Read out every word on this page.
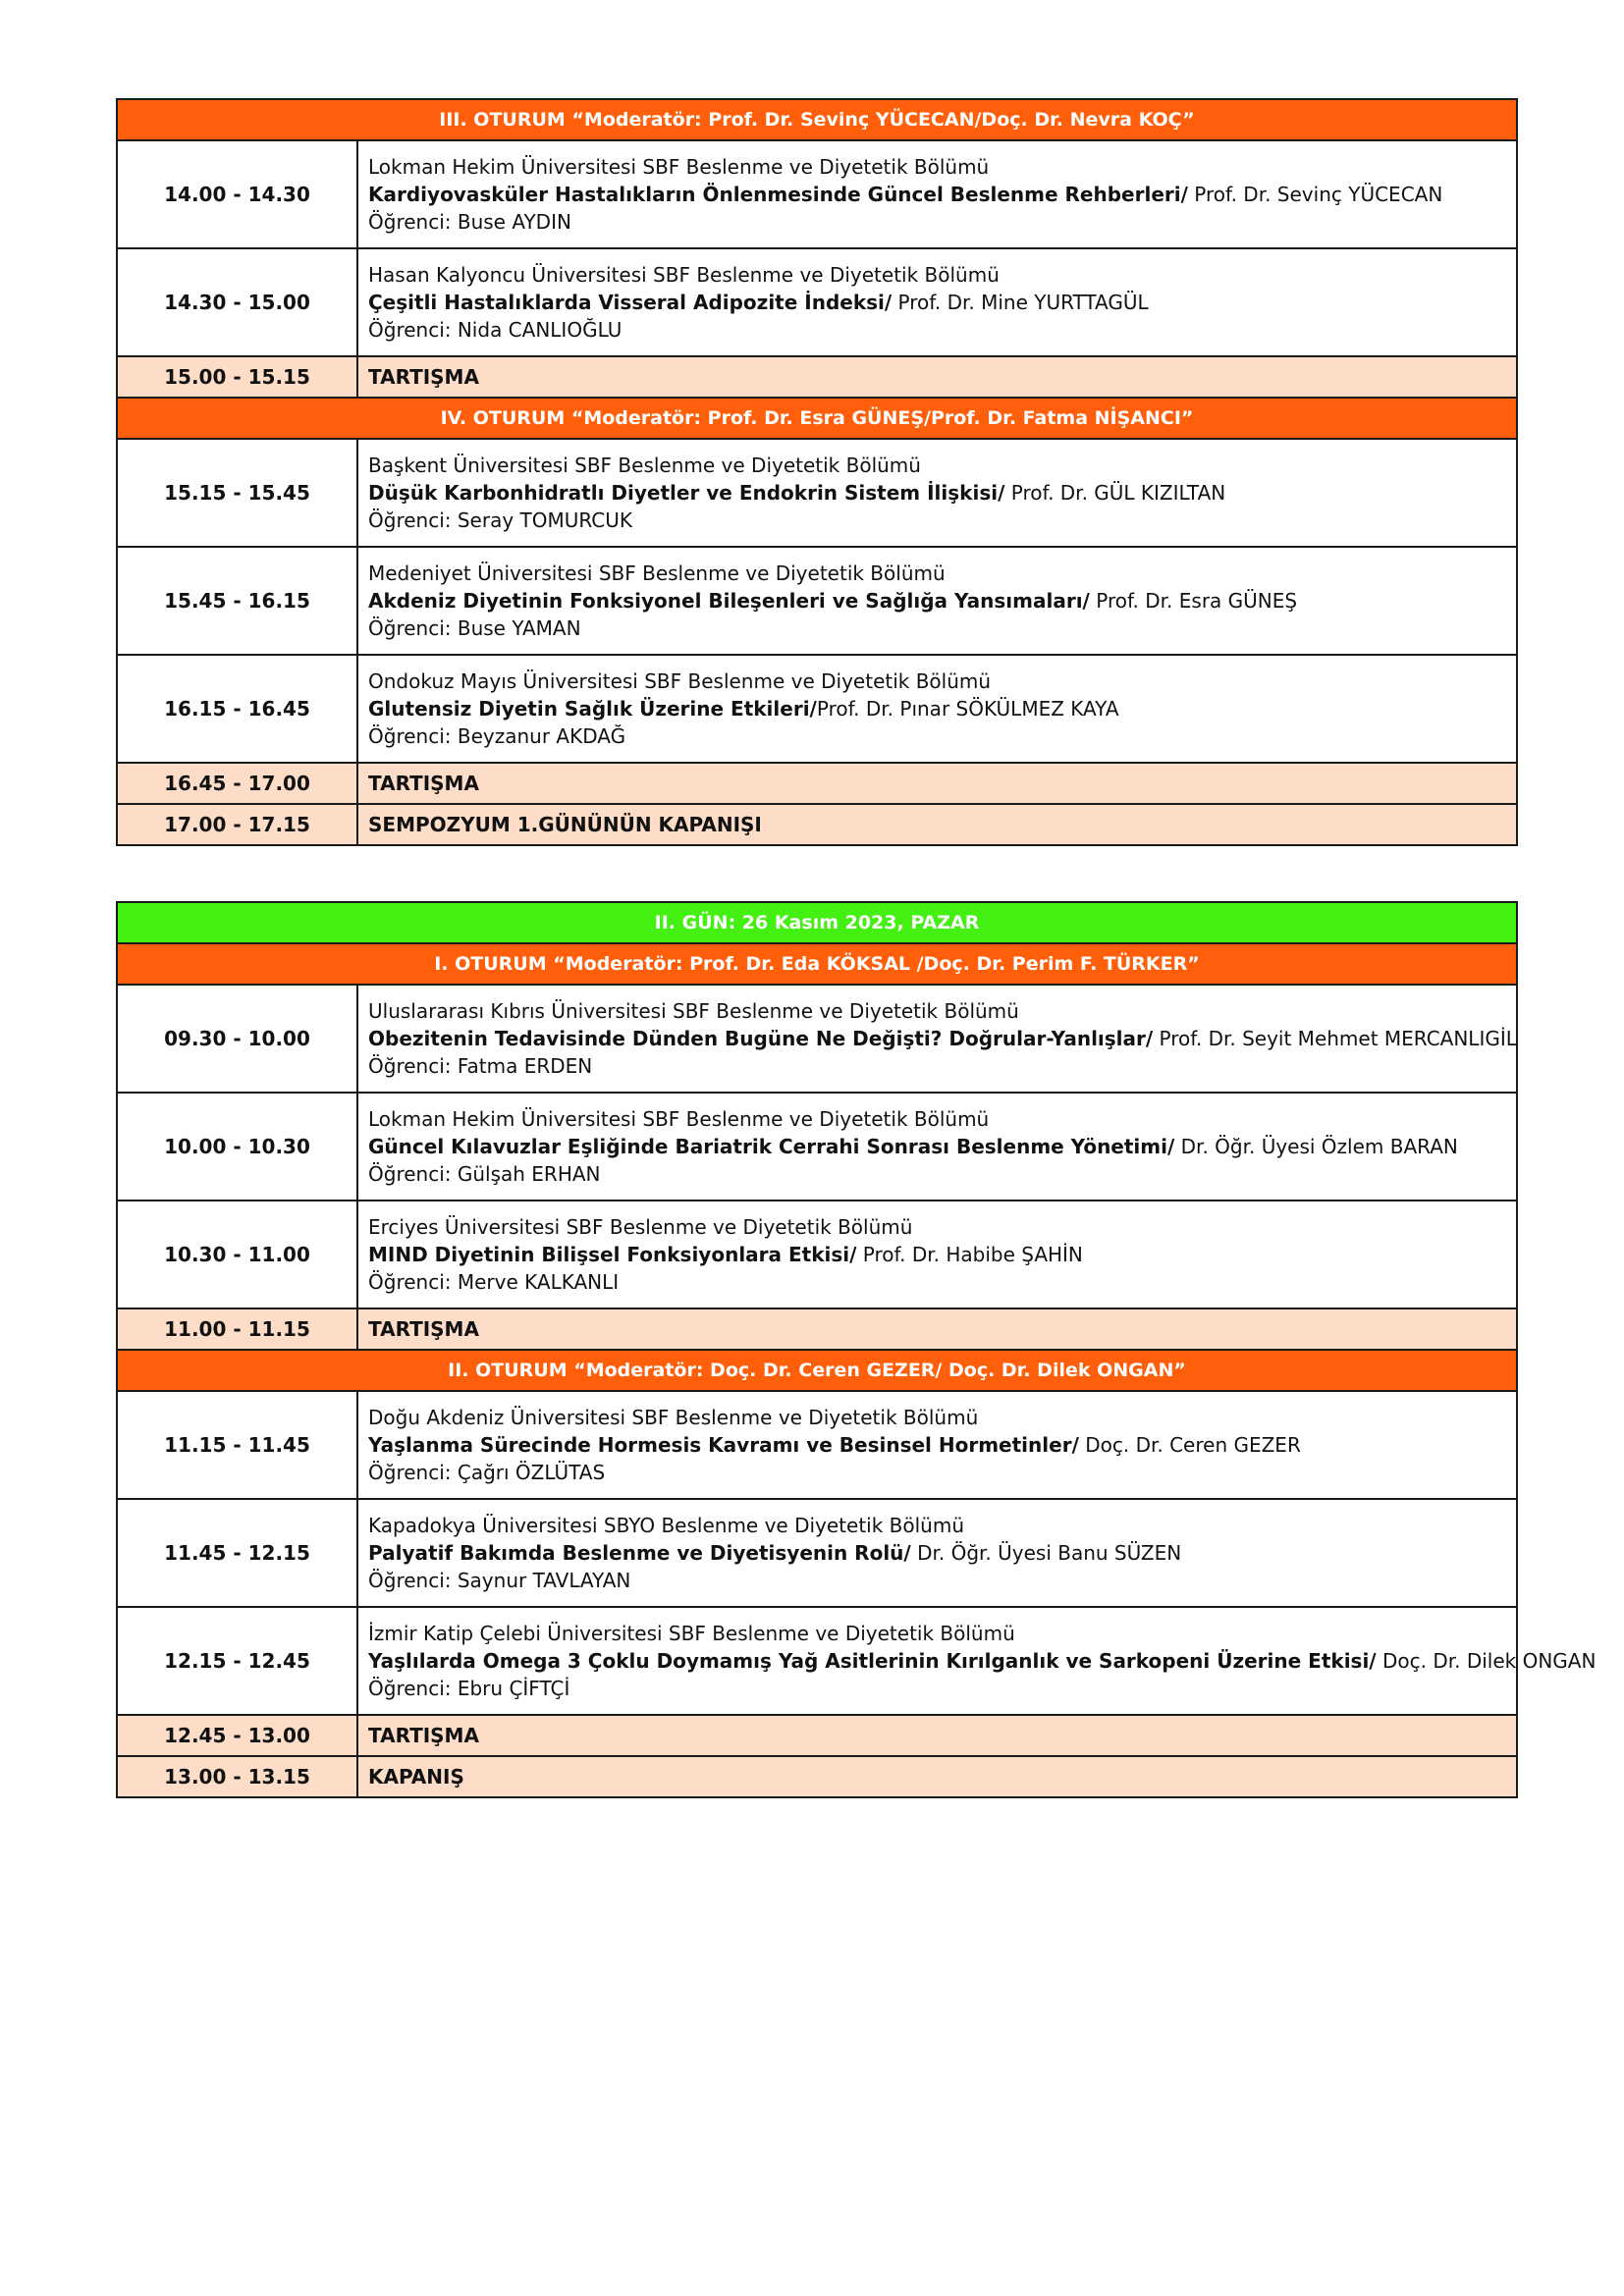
III. OTURUM “Moderatör: Prof. Dr. Sevinç YÜCECAN/Doç. Dr. Nevra KOÇ”	
14.00 - 14.30	Lokman Hekim Üniversitesi SBF Beslenme ve Diyetetik Bölümü
Kardiyovasküler Hastalıkların Önlenmesinde Güncel Beslenme Rehberleri/ Prof. Dr. Sevinç YÜCECAN
Öğrenci: Buse AYDIN

14.30 - 15.00	Hasan Kalyoncu Üniversitesi SBF Beslenme ve Diyetetik Bölümü
Çeşitli Hastalıklarda Visseral Adipozite İndeksi/ Prof. Dr. Mine YURTTAGÜL
Öğrenci: Nida CANLIOĞLU

15.00 - 15.15	TARTIŞMA
IV. OTURUM “Moderatör: Prof. Dr. Esra GÜNEŞ/Prof. Dr. Fatma NİŞANCI”	
15.15 - 15.45	Başkent Üniversitesi SBF Beslenme ve Diyetetik Bölümü
Düşük Karbonhidratlı Diyetler ve Endokrin Sistem İlişkisi/ Prof. Dr. GÜL KIZILTAN
Öğrenci: Seray TOMURCUK

15.45 - 16.15	Medeniyet Üniversitesi SBF Beslenme ve Diyetetik Bölümü
Akdeniz Diyetinin Fonksiyonel Bileşenleri ve Sağlığa Yansımaları/ Prof. Dr. Esra GÜNEŞ
Öğrenci: Buse YAMAN

16.15 - 16.45	Ondokuz Mayıs Üniversitesi SBF Beslenme ve Diyetetik Bölümü
Glutensiz Diyetin Sağlık Üzerine Etkileri/Prof. Dr. Pınar SÖKÜLMEZ KAYA
Öğrenci: Beyzanur AKDAĞ

16.45 - 17.00	TARTIŞMA
17.00 - 17.15	SEMPOZYUM 1.GÜNÜNÜN KAPANIŞI
II. GÜN: 26 Kasım 2023, PAZAR	
I. OTURUM “Moderatör: Prof. Dr. Eda KÖKSAL /Doç. Dr. Perim F. TÜRKER”	
09.30 - 10.00	Uluslararası Kıbrıs Üniversitesi SBF Beslenme ve Diyetetik Bölümü
Obezitenin Tedavisinde Dünden Bugüne Ne Değişti? Doğrular-Yanlışlar/ Prof. Dr. Seyit Mehmet MERCANLIGİL
Öğrenci: Fatma ERDEN

10.00 - 10.30	Lokman Hekim Üniversitesi SBF Beslenme ve Diyetetik Bölümü
Güncel Kılavuzlar Eşliğinde Bariatrik Cerrahi Sonrası Beslenme Yönetimi/ Dr. Öğr. Üyesi Özlem BARAN
Öğrenci: Gülşah ERHAN

10.30 - 11.00	Erciyes Üniversitesi SBF Beslenme ve Diyetetik Bölümü
MIND Diyetinin Bilişsel Fonksiyonlara Etkisi/ Prof. Dr. Habibe ŞAHİN
Öğrenci: Merve KALKANLI

11.00 - 11.15	TARTIŞMA
II. OTURUM “Moderatör: Doç. Dr. Ceren GEZER/ Doç. Dr. Dilek ONGAN”	
11.15 - 11.45	Doğu Akdeniz Üniversitesi SBF Beslenme ve Diyetetik Bölümü
Yaşlanma Sürecinde Hormesis Kavramı ve Besinsel Hormetinler/ Doç. Dr. Ceren GEZER
Öğrenci: Çağrı ÖZLÜTAS

11.45 - 12.15	Kapadokya Üniversitesi SBYO Beslenme ve Diyetetik Bölümü
Palyatif Bakımda Beslenme ve Diyetisyenin Rolü/ Dr. Öğr. Üyesi Banu SÜZEN
Öğrenci: Saynur TAVLAYAN

12.15 - 12.45	İzmir Katip Çelebi Üniversitesi SBF Beslenme ve Diyetetik Bölümü
Yaşlılarda Omega 3 Çoklu Doymamış Yağ Asitlerinin Kırılganlık ve Sarkopeni Üzerine Etkisi/ Doç. Dr. Dilek ONGAN
Öğrenci: Ebru ÇİFTÇİ

12.45 - 13.00	TARTIŞMA
13.00 - 13.15	KAPANIŞ
